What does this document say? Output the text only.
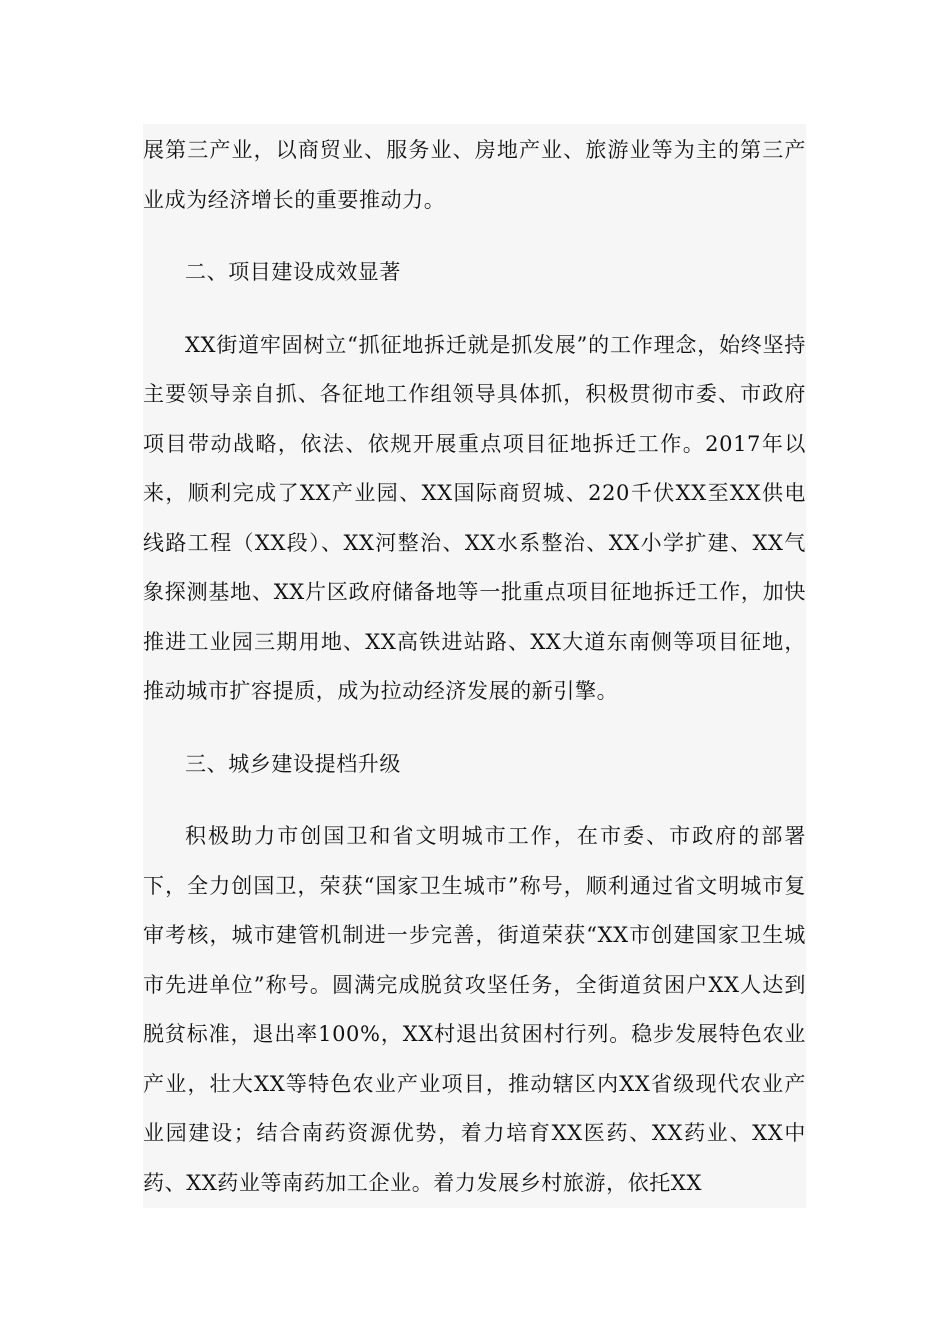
展第三产业，以商贸业、服务业、房地产业、旅游业等为主的第三产业成为经济增长的重要推动力。

二、项目建设成效显著

XX街道牢固树立“抓征地拆迁就是抓发展”的工作理念，始终坚持主要领导亲自抓、各征地工作组领导具体抓，积极贯彻市委、市政府项目带动战略，依法、依规开展重点项目征地拆迁工作。2017年以来，顺利完成了XX产业园、XX国际商贸城、220千伏XX至XX供电线路工程（XX段）、XX河整治、XX水系整治、XX小学扩建、XX气象探测基地、XX片区政府储备地等一批重点项目征地拆迁工作，加快推进工业园三期用地、XX高铁进站路、XX大道东南侧等项目征地，推动城市扩容提质，成为拉动经济发展的新引擎。

三、城乡建设提档升级

积极助力市创国卫和省文明城市工作，在市委、市政府的部署下，全力创国卫，荣获“国家卫生城市”称号，顺利通过省文明城市复审考核，城市建管机制进一步完善，街道荣获“XX市创建国家卫生城市先进单位”称号。圆满完成脱贫攻坚任务，全街道贫困户XX人达到脱贫标准，退出率100%，XX村退出贫困村行列。稳步发展特色农业产业，壮大XX等特色农业产业项目，推动辖区内XX省级现代农业产业园建设；结合南药资源优势，着力培育XX医药、XX药业、XX中药、XX药业等南药加工企业。着力发展乡村旅游，依托XX
